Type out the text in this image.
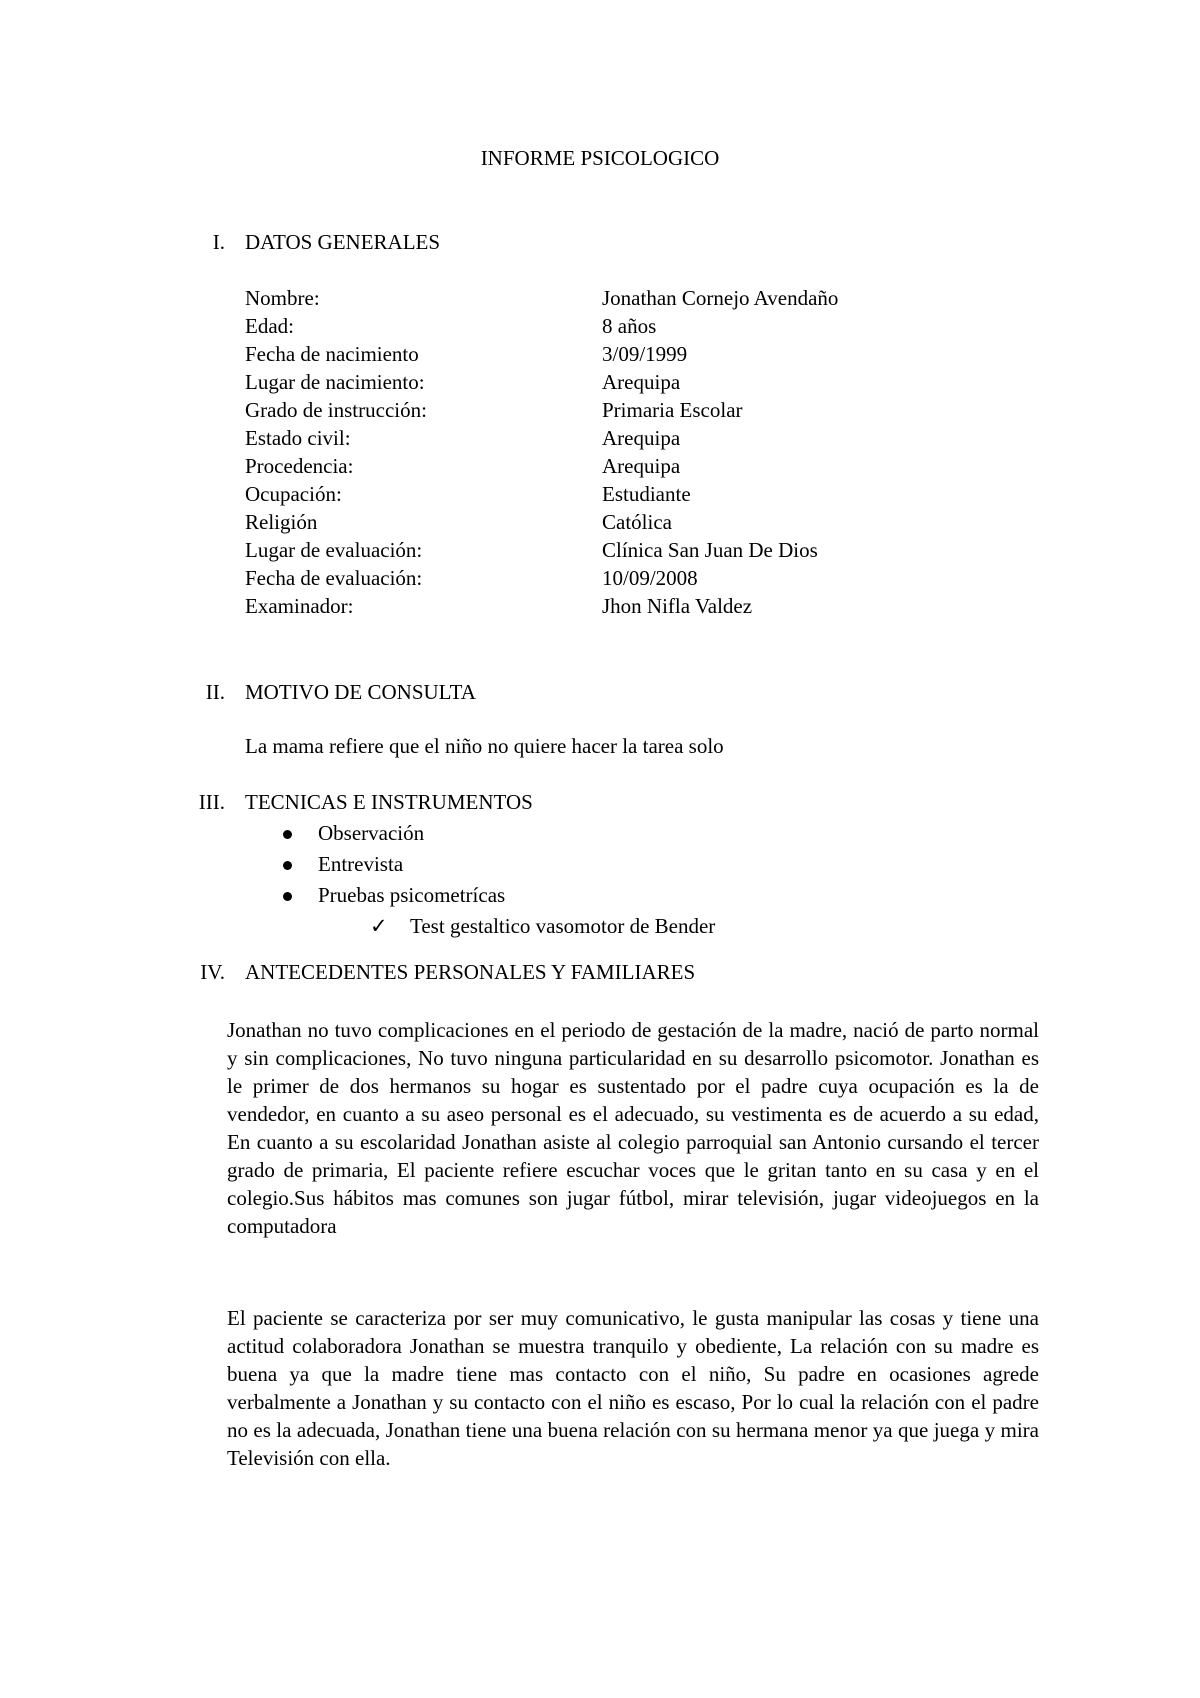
INFORME PSICOLOGICO
I. DATOS GENERALES
Nombre:	Jonathan Cornejo Avendaño
Edad:	8 años
Fecha de nacimiento	3/09/1999
Lugar de nacimiento:	Arequipa
Grado de instrucción:	Primaria Escolar
Estado civil:	Arequipa
Procedencia:	Arequipa
Ocupación:	Estudiante
Religión	Católica
Lugar de evaluación:	Clínica San Juan De Dios
Fecha de evaluación:	10/09/2008
Examinador:	Jhon Nifla Valdez
II. MOTIVO DE CONSULTA
La mama refiere que el niño no quiere hacer la tarea solo
III. TECNICAS E INSTRUMENTOS
Observación
Entrevista
Pruebas psicometrícas
✓ Test gestaltico vasomotor de Bender
IV. ANTECEDENTES PERSONALES Y FAMILIARES

Jonathan no tuvo complicaciones en el periodo de gestación de la madre, nació de parto normal y sin complicaciones, No tuvo ninguna particularidad en su desarrollo psicomotor. Jonathan es le primer de dos hermanos su hogar es sustentado por el padre cuya ocupación es la de vendedor, en cuanto a su aseo personal es el adecuado, su vestimenta es de acuerdo a su edad, En cuanto a su escolaridad Jonathan asiste al colegio parroquial san Antonio cursando el tercer grado de primaria, El paciente refiere escuchar voces que le gritan tanto en su casa y en el colegio.Sus hábitos mas comunes son jugar fútbol, mirar televisión, jugar videojuegos en la computadora

El paciente se caracteriza por ser muy comunicativo, le gusta manipular las cosas y tiene una actitud colaboradora Jonathan se muestra tranquilo y obediente, La relación con su madre es buena ya que la madre tiene mas contacto con el niño, Su padre en ocasiones agrede verbalmente a Jonathan y su contacto con el niño es escaso, Por lo cual la relación con el padre no es la adecuada, Jonathan tiene una buena relación con su hermana menor ya que juega y mira Televisión con ella.
